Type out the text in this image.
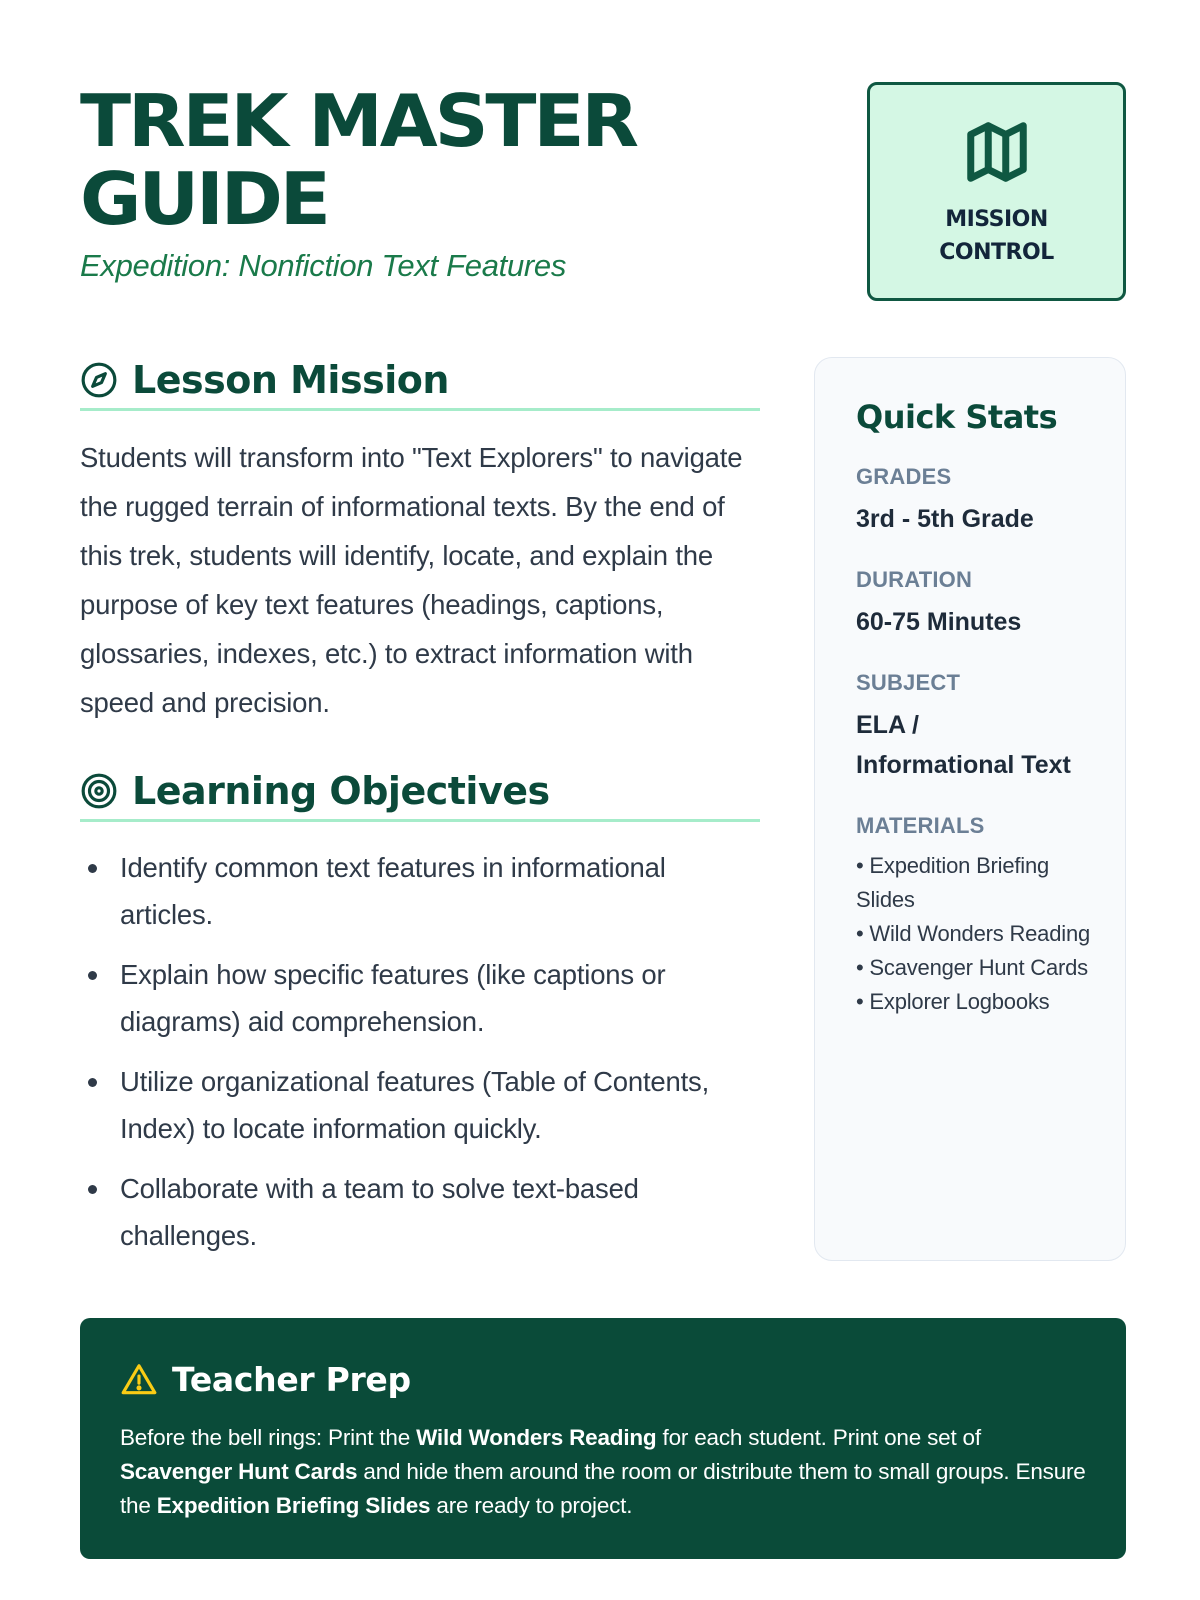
TREK MASTER
GUIDE
Expedition: Nonfiction Text Features
MISSION
CONTROL
Lesson Mission

Students will transform into "Text Explorers" to navigate the rugged terrain of informational texts. By the end of this trek, students will identify, locate, and explain the purpose of key text features (headings, captions, glossaries, indexes, etc.) to extract information with speed and precision.

Learning Objectives
Identify common text features in informational articles.
Explain how specific features (like captions or diagrams) aid comprehension.
Utilize organizational features (Table of Contents, Index) to locate information quickly.
Collaborate with a team to solve text-based challenges.
Quick Stats
GRADES
3rd - 5th Grade
DURATION
60-75 Minutes
SUBJECT
ELA /
Informational Text
MATERIALS
• Expedition Briefing Slides
• Wild Wonders Reading
• Scavenger Hunt Cards
• Explorer Logbooks
Teacher Prep

Before the bell rings: Print the Wild Wonders Reading for each student. Print one set of Scavenger Hunt Cards and hide them around the room or distribute them to small groups. Ensure the Expedition Briefing Slides are ready to project.
